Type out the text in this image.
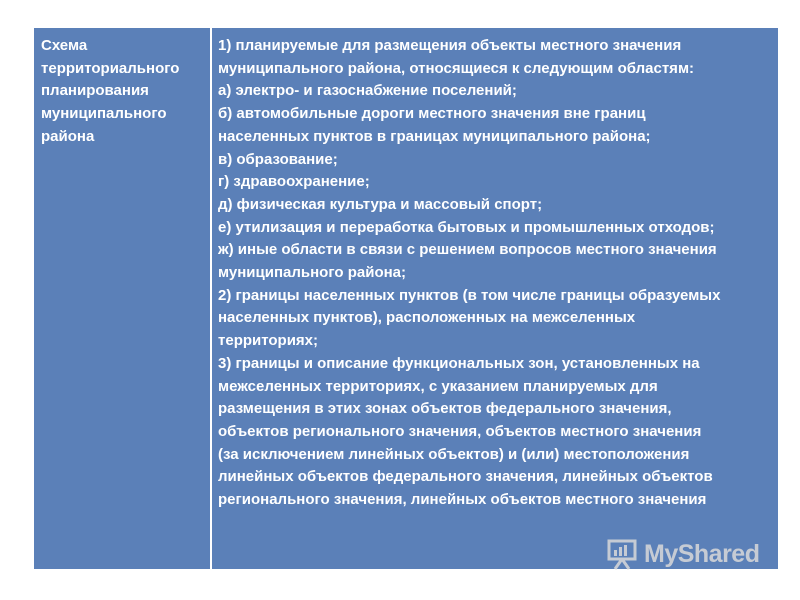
Схема
территориального
планирования
муниципального
района
1) планируемые для размещения объекты местного значения
муниципального района, относящиеся к следующим областям:
а) электро- и газоснабжение поселений;
б) автомобильные дороги местного значения вне границ
населенных пунктов в границах муниципального района;
в) образование;
г) здравоохранение;
д) физическая культура и массовый спорт;
е) утилизация и переработка бытовых и промышленных отходов;
ж) иные области в связи с решением вопросов местного значения
муниципального района;
2) границы населенных пунктов (в том числе границы образуемых
населенных пунктов), расположенных на межселенных
территориях;
3) границы и описание функциональных зон, установленных на
межселенных территориях, с указанием планируемых для
размещения в этих зонах объектов федерального значения,
объектов регионального значения, объектов местного значения
(за исключением линейных объектов) и (или) местоположения
линейных объектов федерального значения, линейных объектов
регионального значения, линейных объектов местного значения
MyShared
